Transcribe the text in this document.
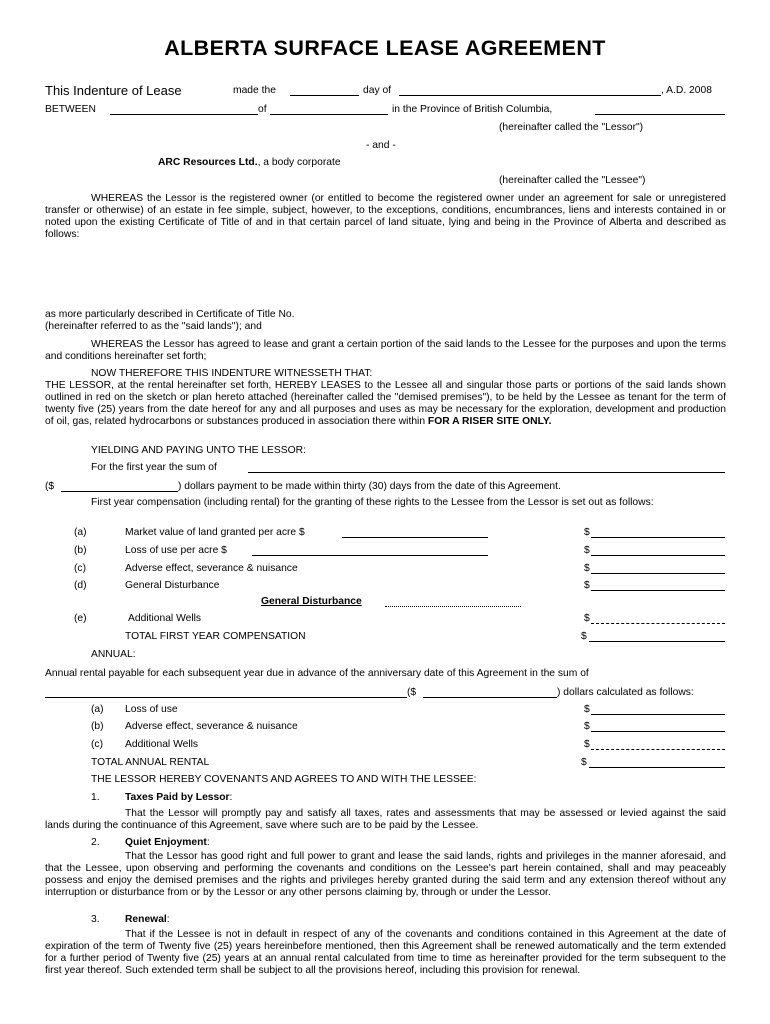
ALBERTA SURFACE LEASE AGREEMENT
This Indenture of Lease	made the	day of	, A.D. 2008
BETWEEN	of	in the Province of British Columbia,
(hereinafter called the "Lessor")
- and -
ARC Resources Ltd., a body corporate
(hereinafter called the "Lessee")
WHEREAS the Lessor is the registered owner (or entitled to become the registered owner under an agreement for sale or unregistered transfer or otherwise) of an estate in fee simple, subject, however, to the exceptions, conditions, encumbrances, liens and interests contained in or noted upon the existing Certificate of Title of and in that certain parcel of land situate, lying and being in the Province of Alberta and described as follows:
as more particularly described in Certificate of Title No.
(hereinafter referred to as the "said lands"); and
WHEREAS the Lessor has agreed to lease and grant a certain portion of the said lands to the Lessee for the purposes and upon the terms and conditions hereinafter set forth;
NOW THEREFORE THIS INDENTURE WITNESSETH THAT:
THE LESSOR, at the rental hereinafter set forth, HEREBY LEASES to the Lessee all and singular those parts or portions of the said lands shown outlined in red on the sketch or plan hereto attached (hereinafter called the "demised premises"), to be held by the Lessee as tenant for the term of twenty five (25) years from the date hereof for any and all purposes and uses as may be necessary for the exploration, development and production of oil, gas, related hydrocarbons or substances produced in association there within FOR A RISER SITE ONLY.
YIELDING AND PAYING UNTO THE LESSOR:
For the first year the sum of
($	) dollars payment to be made within thirty (30) days from the date of this Agreement.
First year compensation (including rental) for the granting of these rights to the Lessee from the Lessor is set out as follows:
(a)	Market value of land granted per acre $	$
(b)	Loss of use per acre $	$
(c)	Adverse effect, severance & nuisance	$
(d)	General Disturbance	$
General Disturbance
(e)	Additional Wells	$
TOTAL FIRST YEAR COMPENSATION	$
ANNUAL:
Annual rental payable for each subsequent year due in advance of the anniversary date of this Agreement in the sum of
($	) dollars calculated as follows:
(a) Loss of use	$
(b) Adverse effect, severance & nuisance	$
(c) Additional Wells	$
TOTAL ANNUAL RENTAL	$
THE LESSOR HEREBY COVENANTS AND AGREES TO AND WITH THE LESSEE:
1. Taxes Paid by Lessor:
That the Lessor will promptly pay and satisfy all taxes, rates and assessments that may be assessed or levied against the said lands during the continuance of this Agreement, save where such are to be paid by the Lessee.
2. Quiet Enjoyment:
That the Lessor has good right and full power to grant and lease the said lands, rights and privileges in the manner aforesaid, and that the Lessee, upon observing and performing the covenants and conditions on the Lessee's part herein contained, shall and may peaceably possess and enjoy the demised premises and the rights and privileges hereby granted during the said term and any extension thereof without any interruption or disturbance from or by the Lessor or any other persons claiming by, through or under the Lessor.
3. Renewal:
That if the Lessee is not in default in respect of any of the covenants and conditions contained in this Agreement at the date of expiration of the term of Twenty five (25) years hereinbefore mentioned, then this Agreement shall be renewed automatically and the term extended for a further period of Twenty five (25) years at an annual rental calculated from time to time as hereinafter provided for the term subsequent to the first year thereof. Such extended term shall be subject to all the provisions hereof, including this provision for renewal.
